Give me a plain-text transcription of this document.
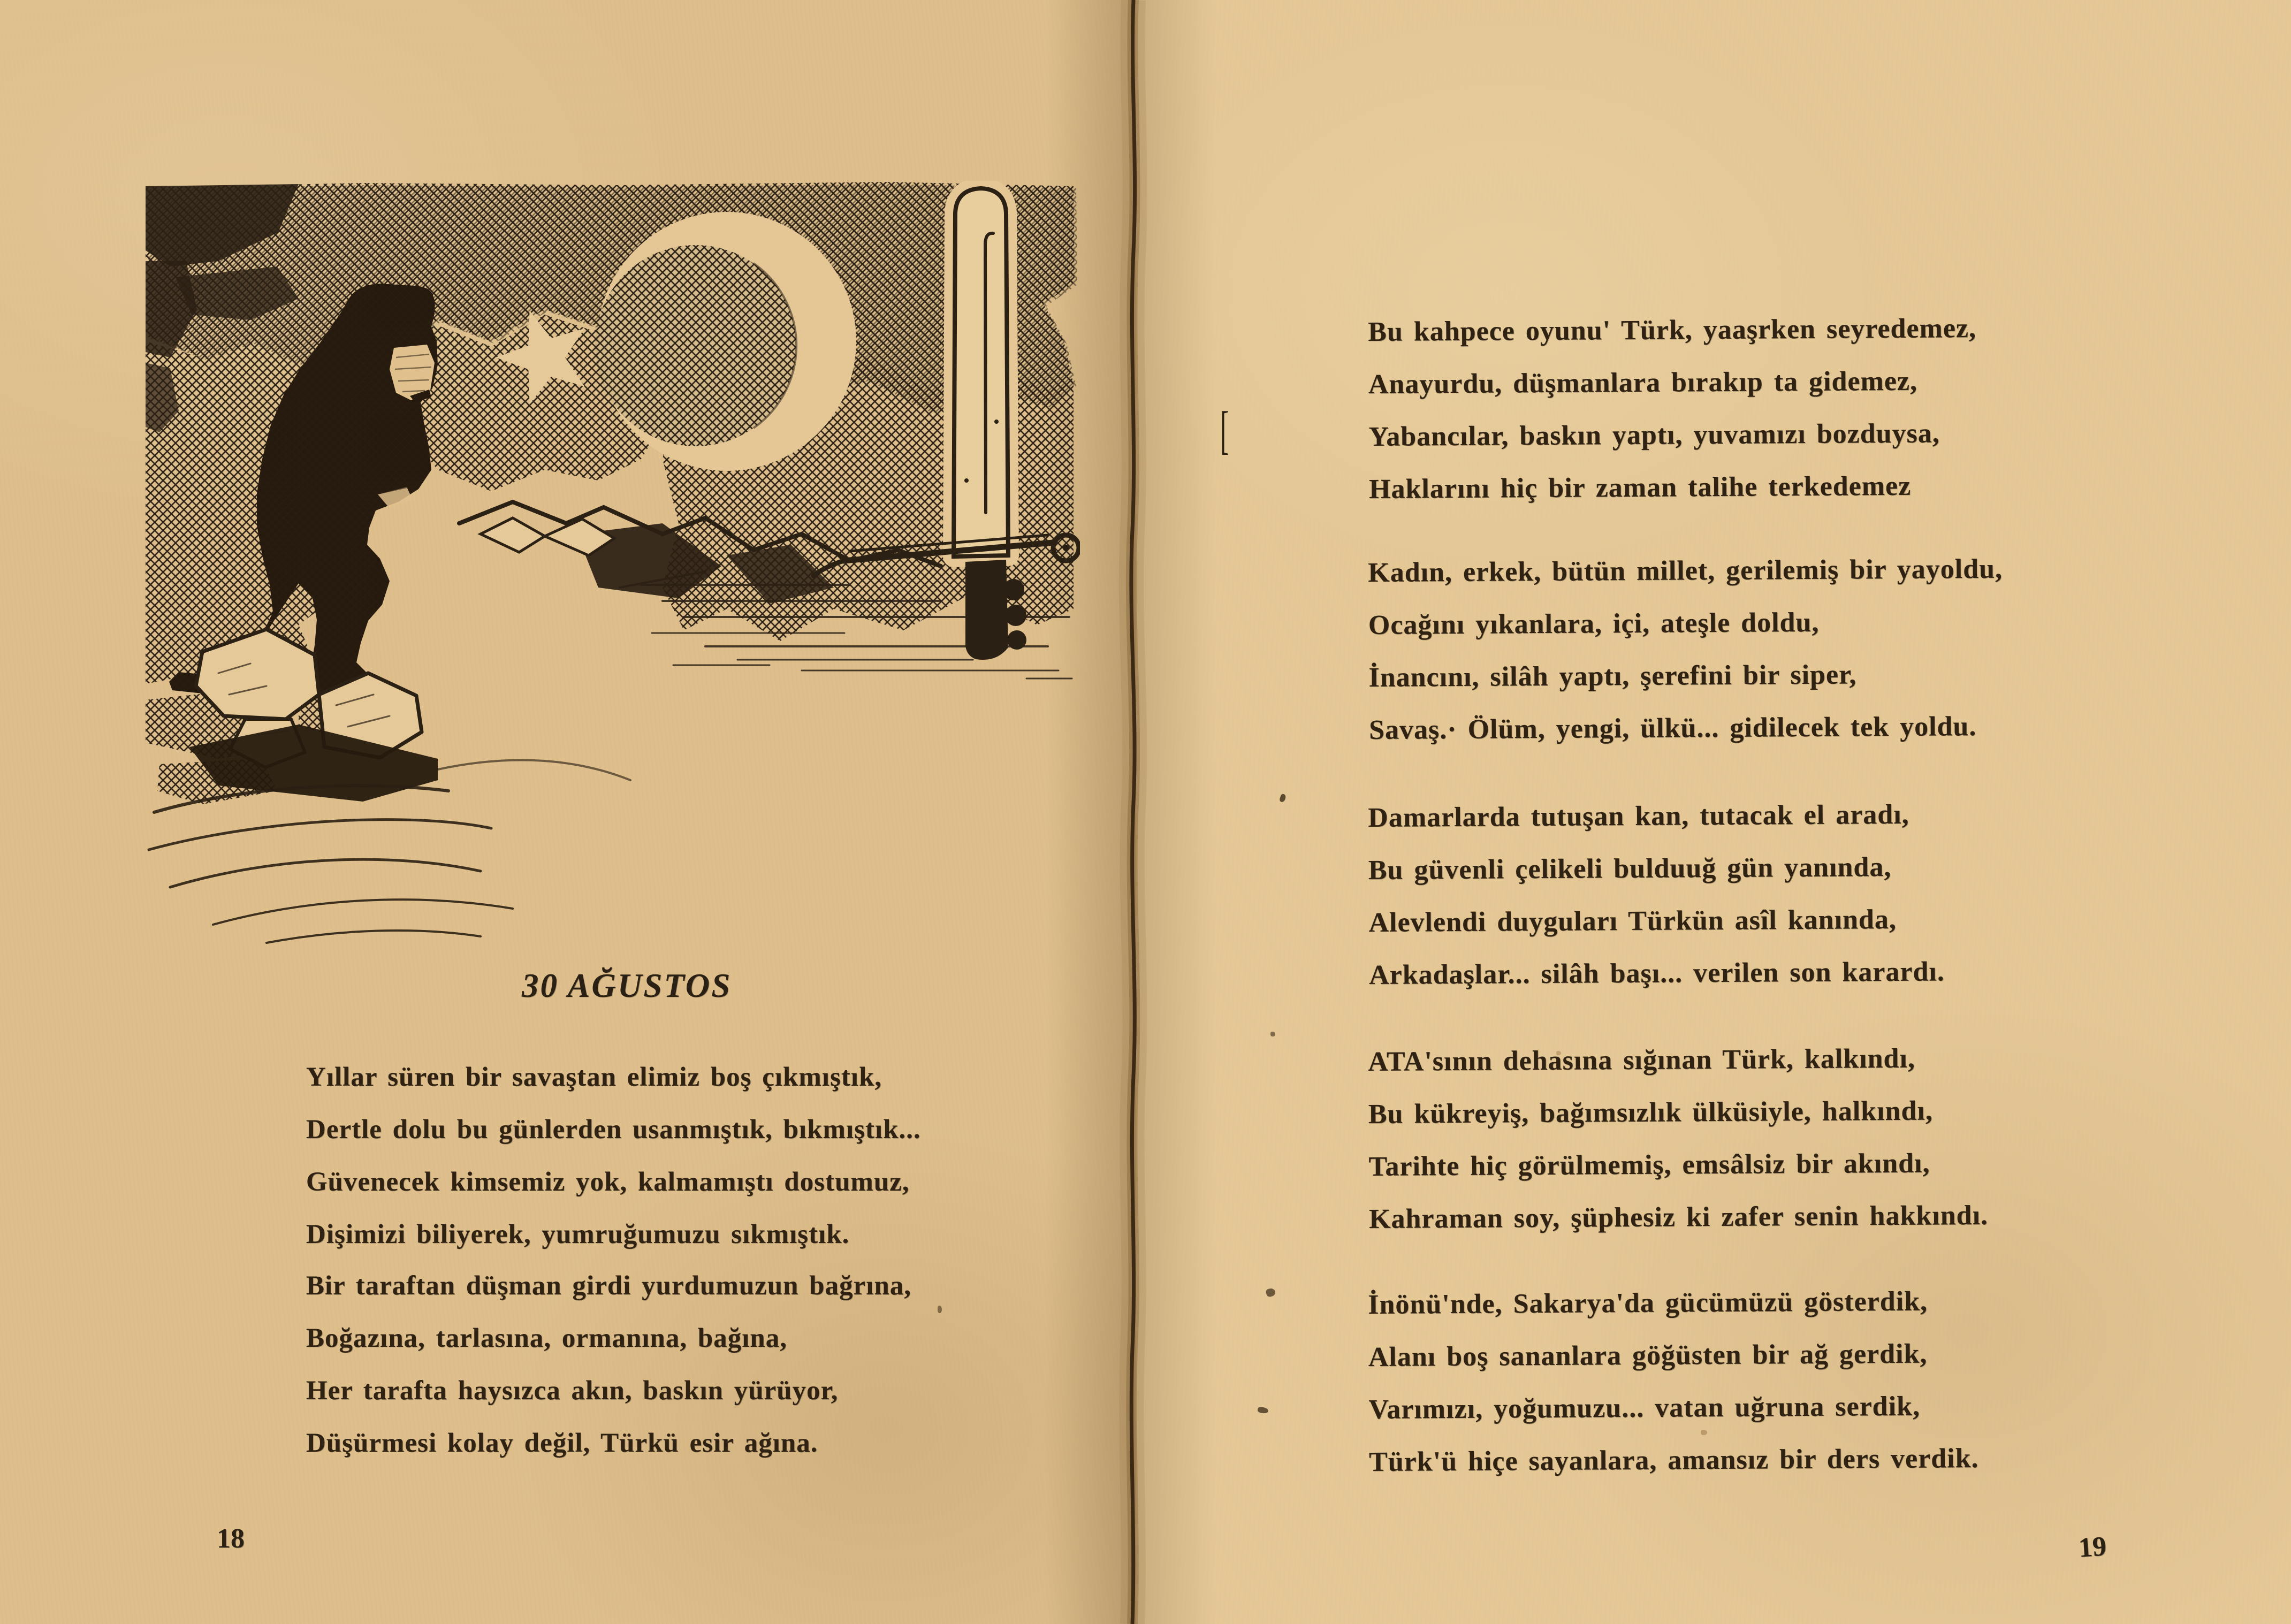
30 AĞUSTOS
Yıllar süren bir savaştan elimiz boş çıkmıştık,
Dertle dolu bu günlerden usanmıştık, bıkmıştık...
Güvenecek kimsemiz yok, kalmamıştı dostumuz,
Dişimizi biliyerek, yumruğumuzu sıkmıştık.
Bir taraftan düşman girdi yurdumuzun bağrına,
Boğazına, tarlasına, ormanına, bağına,
Her tarafta haysızca akın, baskın yürüyor,
Düşürmesi kolay değil, Türkü esir ağına.
18
[
Bu kahpece oyunu' Türk, yaaşrken seyredemez,
Anayurdu, düşmanlara bırakıp ta gidemez,
Yabancılar, baskın yaptı, yuvamızı bozduysa,
Haklarını hiç bir zaman talihe terkedemez
Kadın, erkek, bütün millet, gerilemiş bir yayoldu,
Ocağını yıkanlara, içi, ateşle doldu,
İnancını, silâh yaptı, şerefini bir siper,
Savaş.· Ölüm, yengi, ülkü... gidilecek tek yoldu.
Damarlarda tutuşan kan, tutacak el aradı,
Bu güvenli çelikeli bulduuğ gün yanında,
Alevlendi duyguları Türkün asîl kanında,
Arkadaşlar... silâh başı... verilen son karardı.
ATA'sının dehasına sığınan Türk, kalkındı,
Bu kükreyiş, bağımsızlık ülküsiyle, halkındı,
Tarihte hiç görülmemiş, emsâlsiz bir akındı,
Kahraman soy, şüphesiz ki zafer senin hakkındı.
İnönü'nde, Sakarya'da gücümüzü gösterdik,
Alanı boş sananlara göğüsten bir ağ gerdik,
Varımızı, yoğumuzu... vatan uğruna serdik,
Türk'ü hiçe sayanlara, amansız bir ders verdik.
19
